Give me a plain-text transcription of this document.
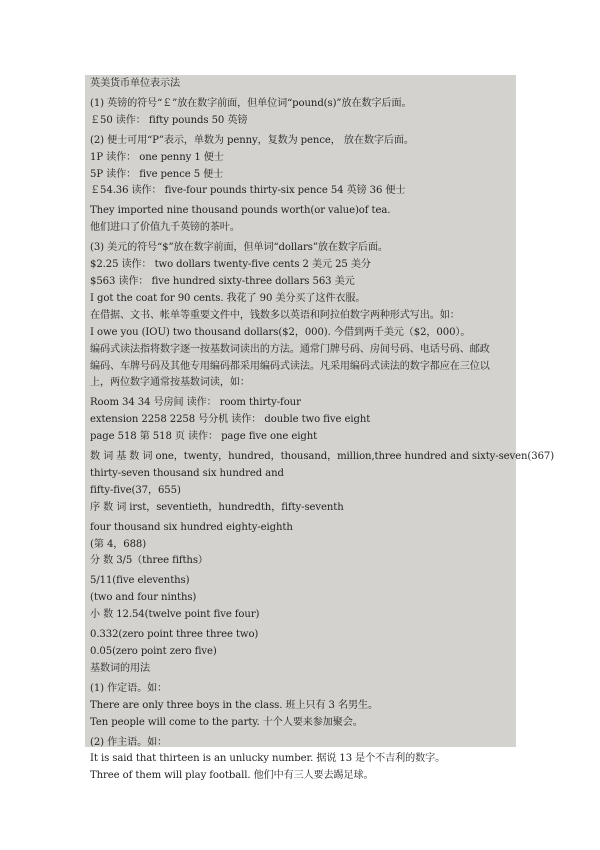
英美货币单位表示法
(1) 英镑的符号“￡”放在数字前面，但单位词“pound(s)”放在数字后面。
￡50 读作： fifty pounds 50 英镑
(2) 便士可用“P”表示，单数为 penny，复数为 pence， 放在数字后面。
1P 读作： one penny 1 便士
5P 读作： five pence 5 便士
￡54.36 读作： five-four pounds thirty-six pence 54 英镑 36 便士
They imported nine thousand pounds worth(or value)of tea.
他们进口了价值九千英镑的茶叶。
(3) 美元的符号“$”放在数字前面，但单词“dollars”放在数字后面。
$2.25 读作： two dollars twenty-five cents 2 美元 25 美分
$563 读作： five hundred sixty-three dollars 563 美元
I got the coat for 90 cents. 我花了 90 美分买了这件衣服。
在借据、文书、帐单等重要文件中，钱数多以英语和阿拉伯数字两种形式写出。如：
I owe you (IOU) two thousand dollars($2，000). 今借到两千美元（$2，000）。
编码式读法指将数字逐一按基数词读出的方法。通常门牌号码、房间号码、电话号码、邮政
编码、车牌号码及其他专用编码都采用编码式读法。凡采用编码式读法的数字都应在三位以
上，两位数字通常按基数词读，如：
Room 34 34 号房间 读作： room thirty-four
extension 2258 2258 号分机 读作： double two five eight
page 518 第 518 页 读作： page five one eight
数 词 基 数 词 one，twenty，hundred，thousand，million,three hundred and sixty-seven(367)
thirty-seven thousand six hundred and
fifty-five(37，655)
序 数 词 irst，seventieth，hundredth，fifty-seventh
four thousand six hundred eighty-eighth
(第 4，688)
分 数 3/5（three fifths）
5/11(five elevenths)
(two and four ninths)
小 数 12.54(twelve point five four)
0.332(zero point three three two)
0.05(zero point zero five)
基数词的用法
(1) 作定语。如：
There are only three boys in the class. 班上只有 3 名男生。
Ten people will come to the party. 十个人要来参加聚会。
(2) 作主语。如：
It is said that thirteen is an unlucky number. 据说 13 是个不吉利的数字。
Three of them will play football. 他们中有三人要去踢足球。
